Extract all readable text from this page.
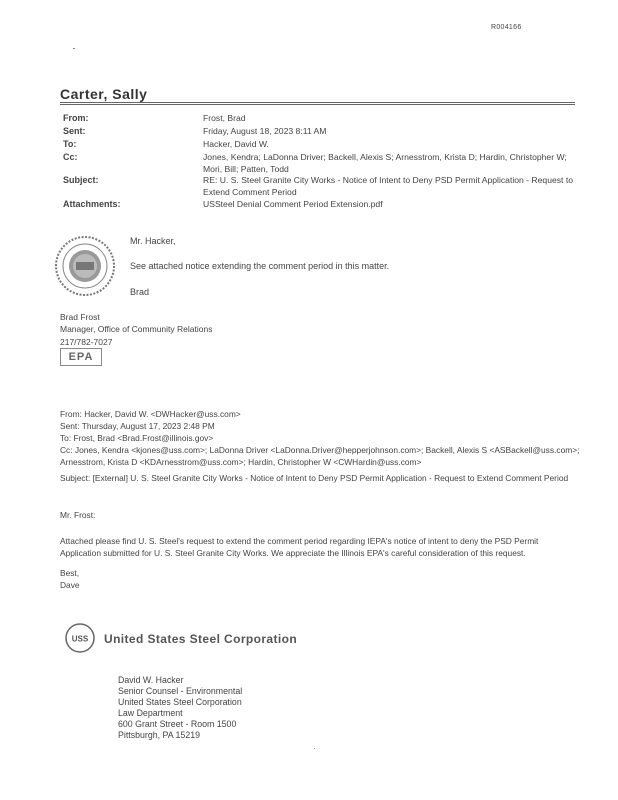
R004166
Carter, Sally
From:	Frost, Brad
Sent:	Friday, August 18, 2023 8:11 AM
To:	Hacker, David W.
Cc:	Jones, Kendra; LaDonna Driver; Backell, Alexis S; Arnesstrom, Krista D; Hardin, Christopher W; Mori, Bill; Patten, Todd
Subject:	RE: U. S. Steel Granite City Works - Notice of Intent to Deny PSD Permit Application - Request to Extend Comment Period
Attachments:	USSteel Denial Comment Period Extension.pdf
Mr. Hacker,
See attached notice extending the comment period in this matter.
Brad
Brad Frost
Manager, Office of Community Relations
217/782-7027
EPA
From: Hacker, David W. <DWHacker@uss.com>
Sent: Thursday, August 17, 2023 2:48 PM
To: Frost, Brad <Brad.Frost@illinois.gov>
Cc: Jones, Kendra <kjones@uss.com>; LaDonna Driver <LaDonna.Driver@hepperjohnson.com>; Backell, Alexis S <ASBackell@uss.com>; Arnesstrom, Krista D <KDArnesstrom@uss.com>; Hardin, Christopher W <CWHardin@uss.com>
Subject: [External] U. S. Steel Granite City Works - Notice of Intent to Deny PSD Permit Application - Request to Extend Comment Period
Mr. Frost:
Attached please find U. S. Steel's request to extend the comment period regarding IEPA's notice of intent to deny the PSD Permit Application submitted for U. S. Steel Granite City Works. We appreciate the Illinois EPA's careful consideration of this request.
Best,
Dave
USS United States Steel Corporation
David W. Hacker
Senior Counsel - Environmental
United States Steel Corporation
Law Department
600 Grant Street - Room 1500
Pittsburgh, PA 15219
